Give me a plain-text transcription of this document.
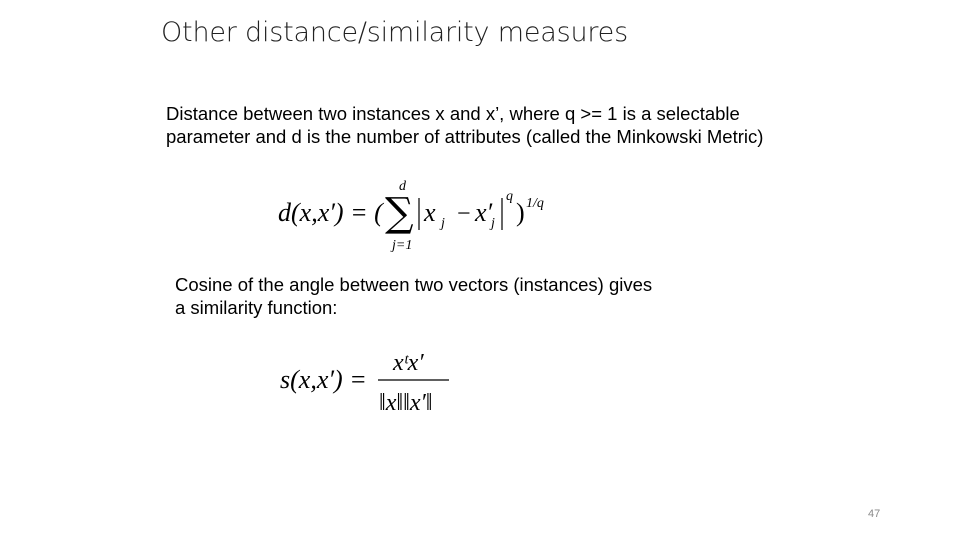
Other distance/similarity measures
Distance between two instances x and x’, where q >= 1 is a selectable
parameter and d is the number of attributes (called the Minkowski Metric)
d(x,x′) = ( ∑
d
j=1
x j − x′
j
q
) 1/q
Cosine of the angle between two vectors (instances) gives
a similarity function:
s(x,x′) =
xᵗx′
‖x‖‖x′‖
47
